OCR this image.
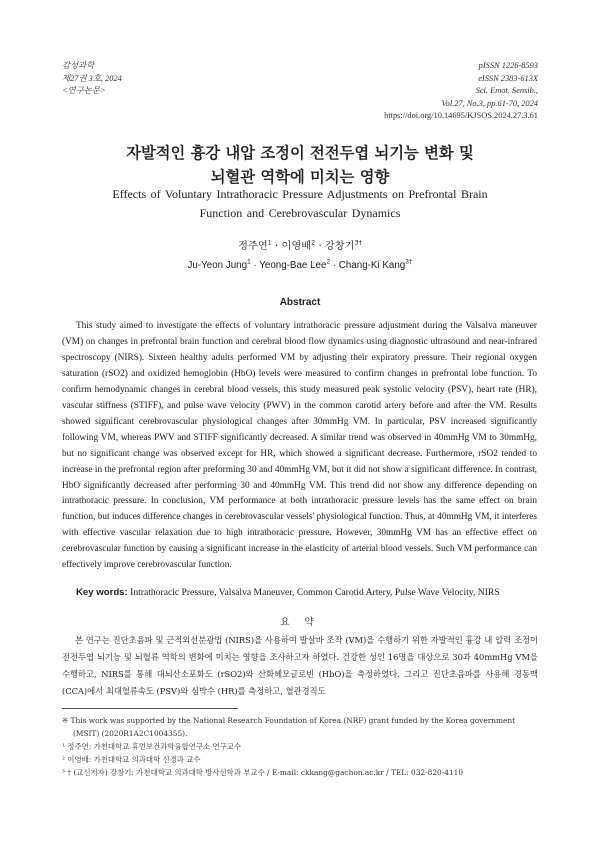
감성과학
제27권 3호, 2024
<연구논문>
pISSN 1226-8593
eISSN 2383-613X
Sci. Emot. Sensib.,
Vol.27, No.3, pp.61-70, 2024
https://doi.org/10.14695/KJSOS.2024.27.3.61
자발적인 흉강 내압 조정이 전전두엽 뇌기능 변화 및
뇌혈관 역학에 미치는 영향
Effects of Voluntary Intrathoracic Pressure Adjustments on Prefrontal Brain
Function and Cerebrovascular Dynamics
정주연$^1$ · 이영배$^2$ · 강창기$^{3\dagger}$
Ju-Yeon Jung$^1$ · Yeong-Bae Lee$^2$ · Chang-Ki Kang$^{3\dagger}$
Abstract

This study aimed to investigate the effects of voluntary intrathoracic pressure adjustment during the Valsalva maneuver (VM) on changes in prefrontal brain function and cerebral blood flow dynamics using diagnostic ultrasound and near-infrared spectroscopy (NIRS). Sixteen healthy adults performed VM by adjusting their expiratory pressure. Their regional oxygen saturation (rSO2) and oxidized hemoglobin (HbO) levels were measured to confirm changes in prefrontal lobe function. To confirm hemodynamic changes in cerebral blood vessels, this study measured peak systolic velocity (PSV), heart rate (HR), vascular stiffness (STIFF), and pulse wave velocity (PWV) in the common carotid artery before and after the VM. Results showed significant cerebrovascular physiological changes after 30mmHg VM. In particular, PSV increased significantly following VM, whereas PWV and STIFF significantly decreased. A similar trend was observed in 40mmHg VM to 30mmHg, but no significant change was observed except for HR, which showed a significant decrease. Furthermore, rSO2 tended to increase in the prefrontal region after preforming 30 and 40mmHg VM, but it did not show a significant difference. In contrast, HbO significantly decreased after performing 30 and 40mmHg VM. This trend did not show any difference depending on intrathoracic pressure. In conclusion, VM performance at both intrathoracic pressure levels has the same effect on brain function, but induces difference changes in cerebrovascular vessels' physiological function. Thus, at 40mmHg VM, it interferes with effective vascular relaxation due to high intrathoracic pressure. However, 30mmHg VM has an effective effect on cerebrovascular function by causing a significant increase in the elasticity of arterial blood vessels. Such VM performance can effectively improve cerebrovascular function.

Key words: Intrathoracic Pressure, Valsalva Maneuver, Common Carotid Artery, Pulse Wave Velocity, NIRS
요 약

본 연구는 진단초음파 및 근적외선분광법 (NIRS)을 사용하여 발살바 조작 (VM)을 수행하기 위한 자발적인 흉강 내 압력 조정이 전전두엽 뇌기능 및 뇌혈류 역학의 변화에 미치는 영향을 조사하고자 하였다. 건강한 성인 16명을 대상으로 30과 40mmHg VM을 수행하고, NIRS를 통해 대뇌산소포화도 (rSO2)와 산화헤모글로빈 (HbO)을 측정하였다. 그리고 진단초음파를 사용해 경동맥 (CCA)에서 최대혈류속도 (PSV)와 심박수 (HR)를 측정하고, 혈관경직도

※ This work was supported by the National Research Foundation of Korea (NRF) grant funded by the Korea government
(MSIT) (2020R1A2C1004355).

¹ 정주연: 가천대학교 휴먼보건과학융합연구소 연구교수

² 이영배: 가천대학교 의과대학 신경과 교수

³ † (교신저자) 강창기: 가천대학교 의과대학 방사선학과 부교수 / E-mail: ckkang@gachon.ac.kr / TEL: 032-820-4110
